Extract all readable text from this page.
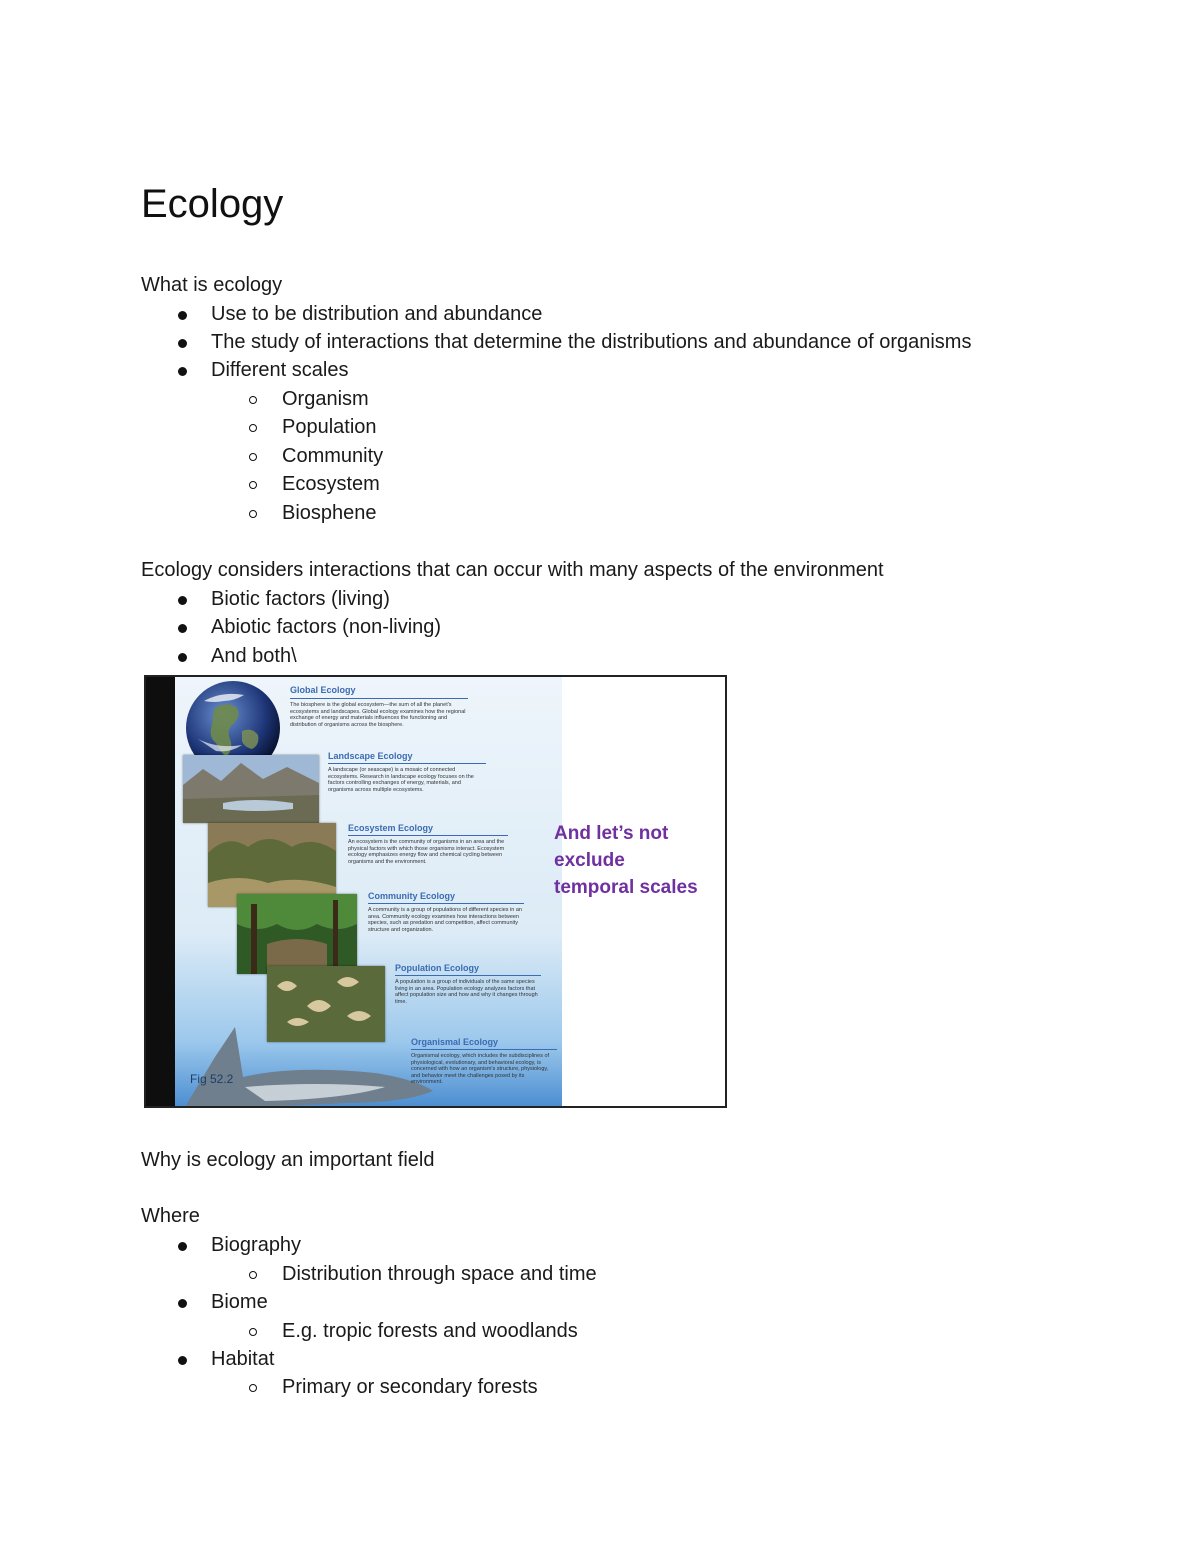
Ecology
What is ecology
Use to be distribution and abundance
The study of interactions that determine the distributions and abundance of organisms
Different scales
Organism
Population
Community
Ecosystem
Biosphene
Ecology considers interactions that can occur with many aspects of the environment
Biotic factors (living)
Abiotic factors (non-living)
And both\
Global Ecology
The biosphere is the global ecosystem—the sum of all the planet's ecosystems and landscapes. Global ecology examines how the regional exchange of energy and materials influences the functioning and distribution of organisms across the biosphere.
Landscape Ecology
A landscape (or seascape) is a mosaic of connected ecosystems. Research in landscape ecology focuses on the factors controlling exchanges of energy, materials, and organisms across multiple ecosystems.
Ecosystem Ecology
An ecosystem is the community of organisms in an area and the physical factors with which those organisms interact. Ecosystem ecology emphasizes energy flow and chemical cycling between organisms and the environment.
Community Ecology
A community is a group of populations of different species in an area. Community ecology examines how interactions between species, such as predation and competition, affect community structure and organization.
Population Ecology
A population is a group of individuals of the same species living in an area. Population ecology analyzes factors that affect population size and how and why it changes through time.
Organismal Ecology
Organismal ecology, which includes the subdisciplines of physiological, evolutionary, and behavioral ecology, is concerned with how an organism's structure, physiology, and behavior meet the challenges posed by its environment.
And let’s not
exclude
temporal scales
Fig 52.2
Why is ecology an important field
Where
Biography
Distribution through space and time
Biome
E.g. tropic forests and woodlands
Habitat
Primary or secondary forests
